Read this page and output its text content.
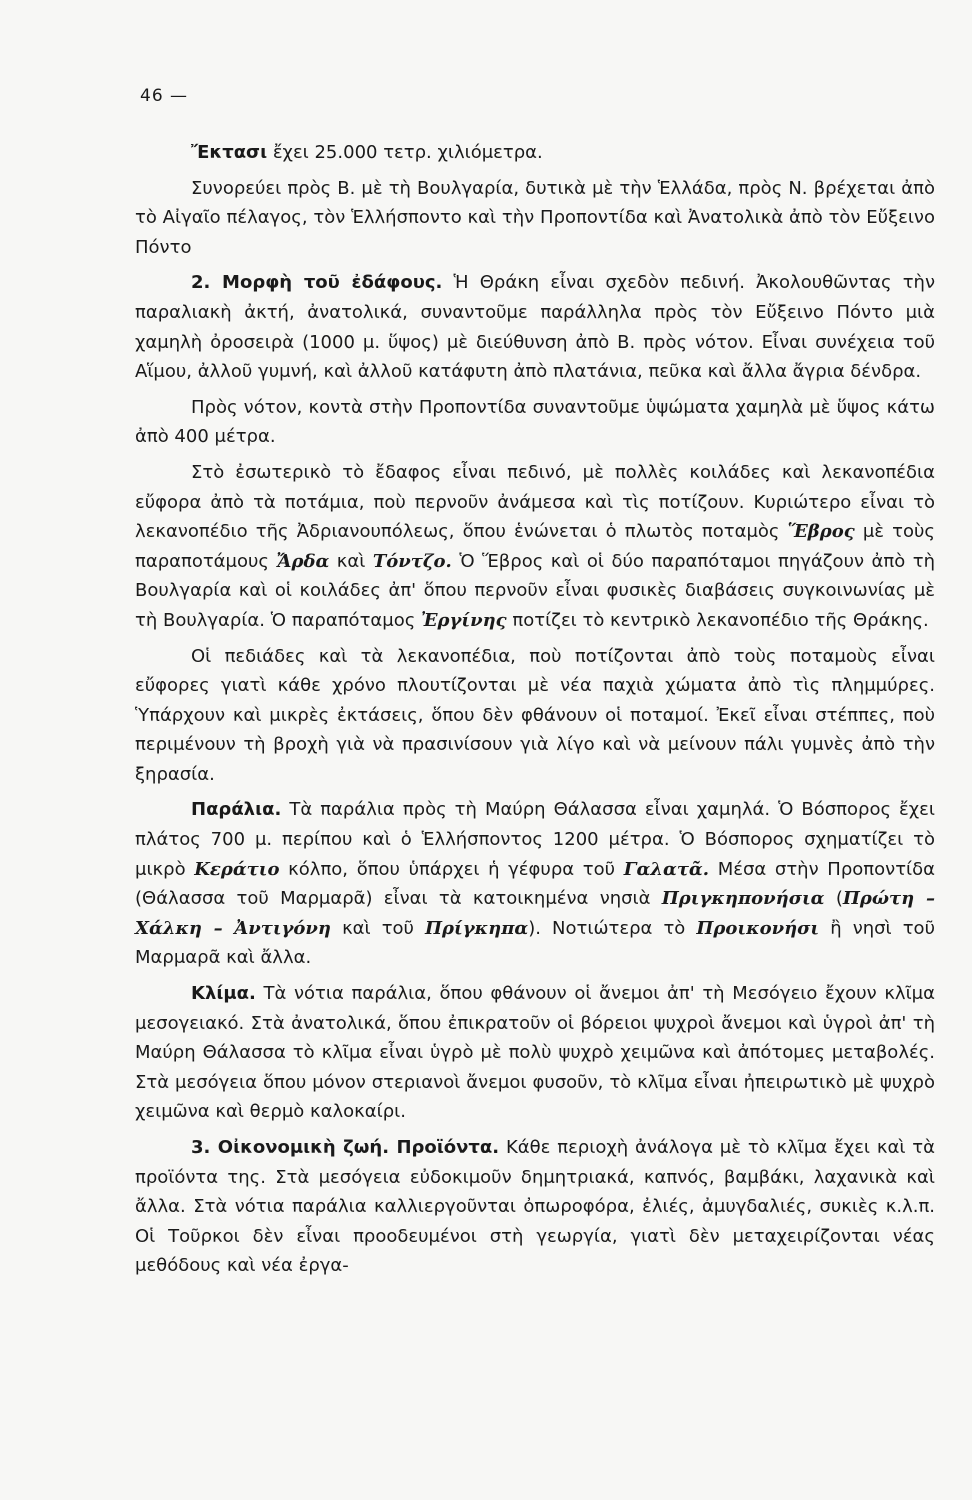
46 —

Ἔκτασι ἔχει 25.000 τετρ. χιλιόμετρα.

Συνορεύει πρὸς Β. μὲ τὴ Βουλγαρία, δυτικὰ μὲ τὴν Ἑλλάδα, πρὸς Ν. βρέχεται ἀπὸ τὸ Αἰγαῖο πέλαγος, τὸν Ἑλλήσποντο καὶ τὴν Προποντίδα καὶ Ἀνατολικὰ ἀπὸ τὸν Εὔξεινο Πόντο

2. Μορφὴ τοῦ ἐδάφους. Ἡ Θράκη εἶναι σχεδὸν πεδινή. Ἀκολουθῶντας τὴν παραλιακὴ ἀκτή, ἀνατολικά, συναντοῦμε παράλληλα πρὸς τὸν Εὔξεινο Πόντο μιὰ χαμηλὴ ὀροσειρὰ (1000 μ. ὕψος) μὲ διεύθυνση ἀπὸ Β. πρὸς νότον. Εἶναι συνέχεια τοῦ Αἵμου, ἀλλοῦ γυμνή, καὶ ἀλλοῦ κατάφυτη ἀπὸ πλατάνια, πεῦκα καὶ ἄλλα ἄγρια δένδρα.

Πρὸς νότον, κοντὰ στὴν Προποντίδα συναντοῦμε ὑψώματα χαμηλὰ μὲ ὕψος κάτω ἀπὸ 400 μέτρα.

Στὸ ἐσωτερικὸ τὸ ἔδαφος εἶναι πεδινό, μὲ πολλὲς κοιλάδες καὶ λεκανοπέδια εὔφορα ἀπὸ τὰ ποτάμια, ποὺ περνοῦν ἀνάμεσα καὶ τὶς ποτίζουν. Κυριώτερο εἶναι τὸ λεκανοπέδιο τῆς Ἀδριανουπόλεως, ὅπου ἑνώνεται ὁ πλωτὸς ποταμὸς Ἕβρος μὲ τοὺς παραποτάμους Ἄρδα καὶ Τόντζο. Ὁ Ἕβρος καὶ οἱ δύο παραπόταμοι πηγάζουν ἀπὸ τὴ Βουλγαρία καὶ οἱ κοιλάδες ἀπ' ὅπου περνοῦν εἶναι φυσικὲς διαβάσεις συγκοινωνίας μὲ τὴ Βουλγαρία. Ὁ παραπόταμος Ἐργίνης ποτίζει τὸ κεντρικὸ λεκανοπέδιο τῆς Θράκης.

Οἱ πεδιάδες καὶ τὰ λεκανοπέδια, ποὺ ποτίζονται ἀπὸ τοὺς ποταμοὺς εἶναι εὔφορες γιατὶ κάθε χρόνο πλουτίζονται μὲ νέα παχιὰ χώματα ἀπὸ τὶς πλημμύρες. Ὑπάρχουν καὶ μικρὲς ἐκτάσεις, ὅπου δὲν φθάνουν οἱ ποταμοί. Ἐκεῖ εἶναι στέππες, ποὺ περιμένουν τὴ βροχὴ γιὰ νὰ πρασινίσουν γιὰ λίγο καὶ νὰ μείνουν πάλι γυμνὲς ἀπὸ τὴν ξηρασία.

Παράλια. Τὰ παράλια πρὸς τὴ Μαύρη Θάλασσα εἶναι χαμηλά. Ὁ Βόσπορος ἔχει πλάτος 700 μ. περίπου καὶ ὁ Ἑλλήσποντος 1200 μέτρα. Ὁ Βόσπορος σχηματίζει τὸ μικρὸ Κεράτιο κόλπο, ὅπου ὑπάρχει ἡ γέφυρα τοῦ Γαλατᾶ. Μέσα στὴν Προποντίδα (Θάλασσα τοῦ Μαρμαρᾶ) εἶναι τὰ κατοικημένα νησιὰ Πριγκηπονήσια (Πρώτη – Χάλκη – Ἀντιγόνη καὶ τοῦ Πρίγκηπα). Νοτιώτερα τὸ Προικονήσι ἢ νησὶ τοῦ Μαρμαρᾶ καὶ ἄλλα.

Κλίμα. Τὰ νότια παράλια, ὅπου φθάνουν οἱ ἄνεμοι ἀπ' τὴ Μεσόγειο ἔχουν κλῖμα μεσογειακό. Στὰ ἀνατολικά, ὅπου ἐπικρατοῦν οἱ βόρειοι ψυχροὶ ἄνεμοι καὶ ὑγροὶ ἀπ' τὴ Μαύρη Θάλασσα τὸ κλῖμα εἶναι ὑγρὸ μὲ πολὺ ψυχρὸ χειμῶνα καὶ ἀπότομες μεταβολές. Στὰ μεσόγεια ὅπου μόνον στεριανοὶ ἄνεμοι φυσοῦν, τὸ κλῖμα εἶναι ἠπειρωτικὸ μὲ ψυχρὸ χειμῶνα καὶ θερμὸ καλοκαίρι.

3. Οἰκονομικὴ ζωή. Προϊόντα. Κάθε περιοχὴ ἀνάλογα μὲ τὸ κλῖμα ἔχει καὶ τὰ προϊόντα της. Στὰ μεσόγεια εὐδοκιμοῦν δημητριακά, καπνός, βαμβάκι, λαχανικὰ καὶ ἄλλα. Στὰ νότια παράλια καλλιεργοῦνται ὀπωροφόρα, ἐλιές, ἀμυγδαλιές, συκιὲς κ.λ.π. Οἱ Τοῦρκοι δὲν εἶναι προοδευμένοι στὴ γεωργία, γιατὶ δὲν μεταχειρίζονται νέας μεθόδους καὶ νέα ἐργα-
